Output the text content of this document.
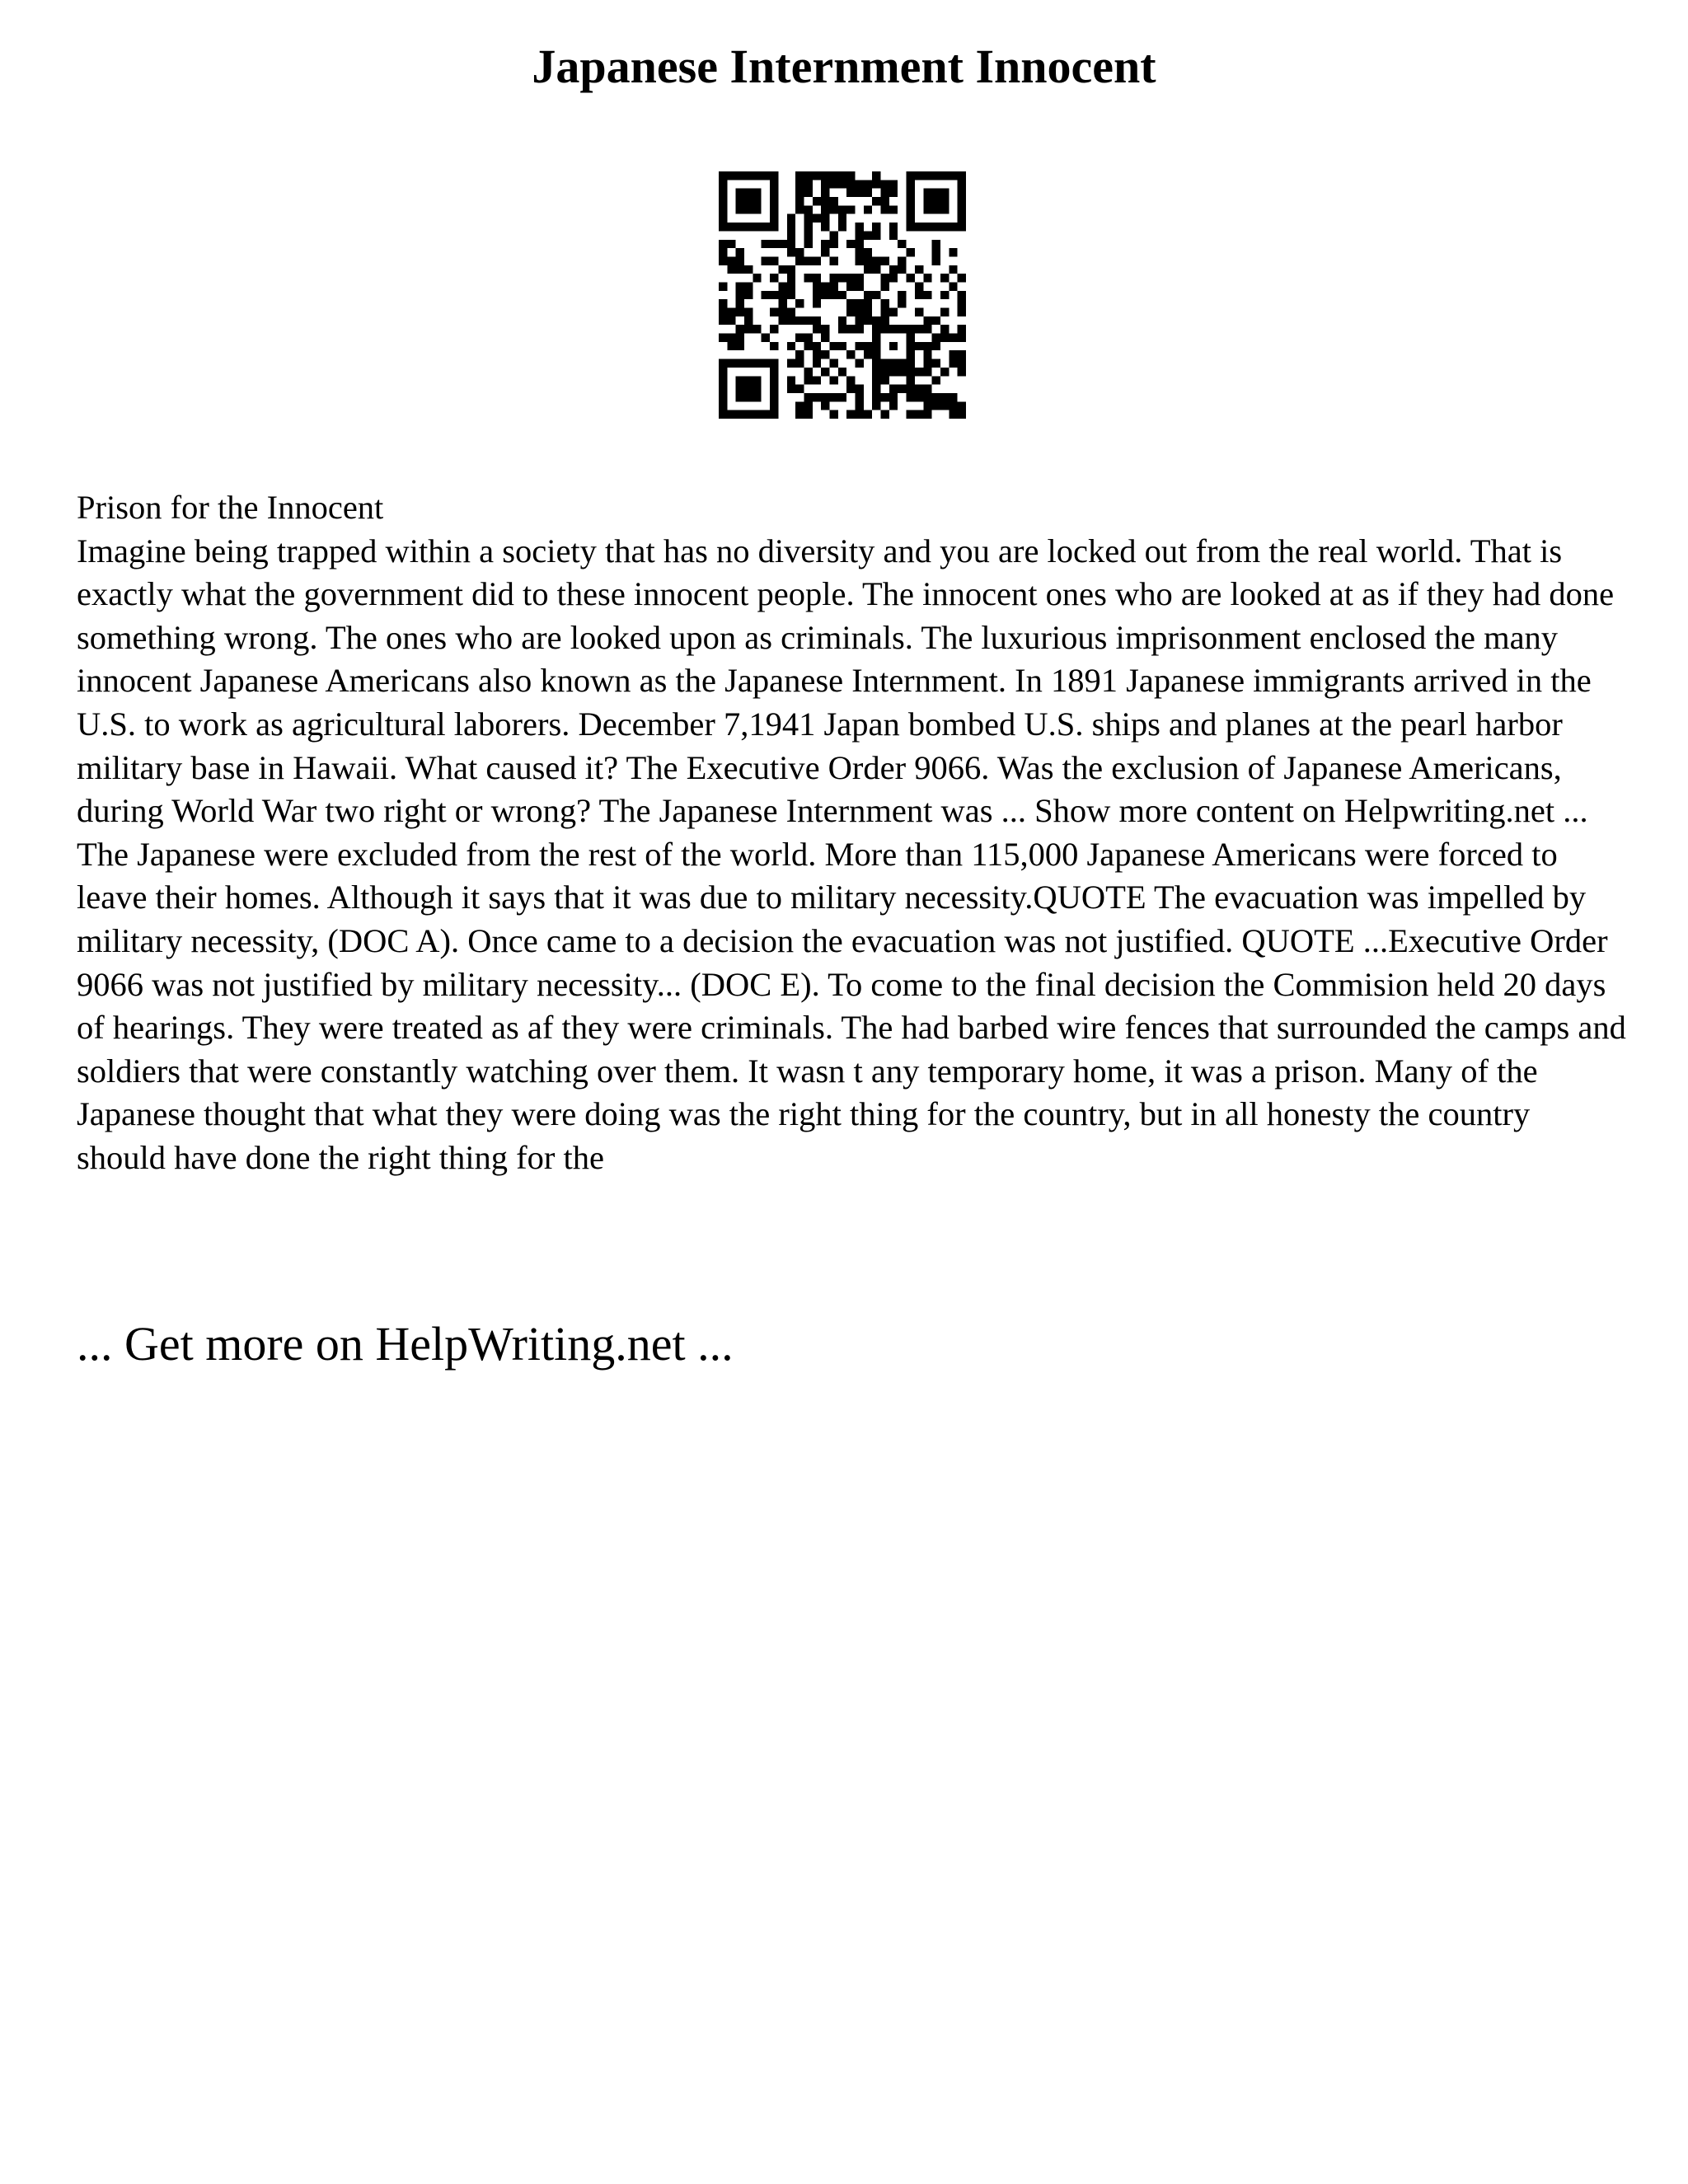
Japanese Internment Innocent
Prison for the Innocent
Imagine being trapped within a society that has no diversity and you are locked out from the real world. That is exactly what the government did to these innocent people. The innocent ones who are looked at as if they had done something wrong. The ones who are looked upon as criminals. The luxurious imprisonment enclosed the many innocent Japanese Americans also known as the Japanese Internment. In 1891 Japanese immigrants arrived in the U.S. to work as agricultural laborers. December 7,1941 Japan bombed U.S. ships and planes at the pearl harbor military base in Hawaii. What caused it? The Executive Order 9066. Was the exclusion of Japanese Americans, during World War two right or wrong? The Japanese Internment was ... Show more content on Helpwriting.net ... The Japanese were excluded from the rest of the world. More than 115,000 Japanese Americans were forced to leave their homes. Although it says that it was due to military necessity.QUOTE The evacuation was impelled by military necessity, (DOC A). Once came to a decision the evacuation was not justified. QUOTE ...Executive Order 9066 was not justified by military necessity... (DOC E). To come to the final decision the Commision held 20 days of hearings. They were treated as af they were criminals. The had barbed wire fences that surrounded the camps and soldiers that were constantly watching over them. It wasn t any temporary home, it was a prison. Many of the Japanese thought that what they were doing was the right thing for the country, but in all honesty the country should have done the right thing for the

... Get more on HelpWriting.net ...
